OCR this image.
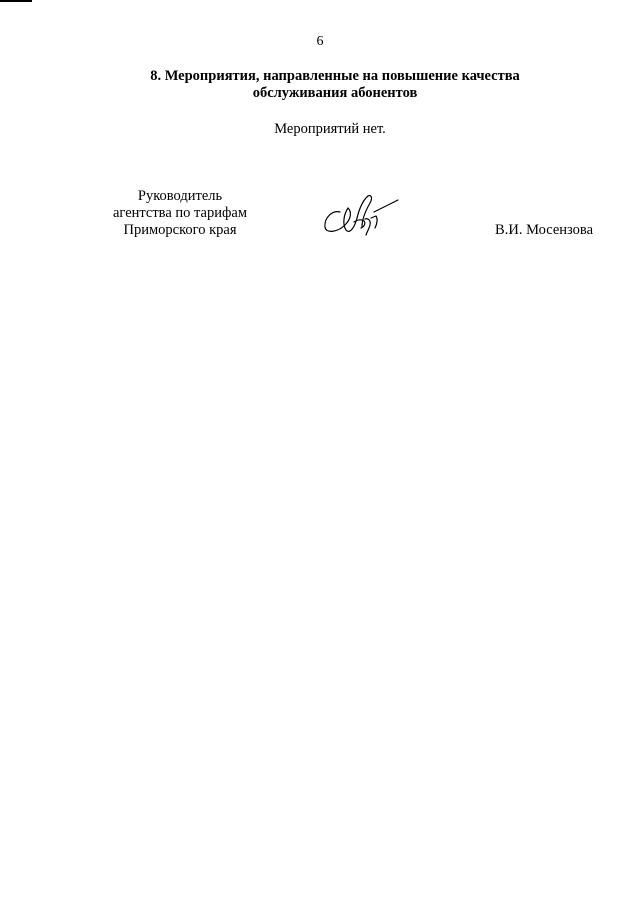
6
8. Мероприятия, направленные на повышение качества
обслуживания абонентов
Мероприятий нет.
Руководитель
агентства по тарифам
Приморского края	В.И. Мосензова
